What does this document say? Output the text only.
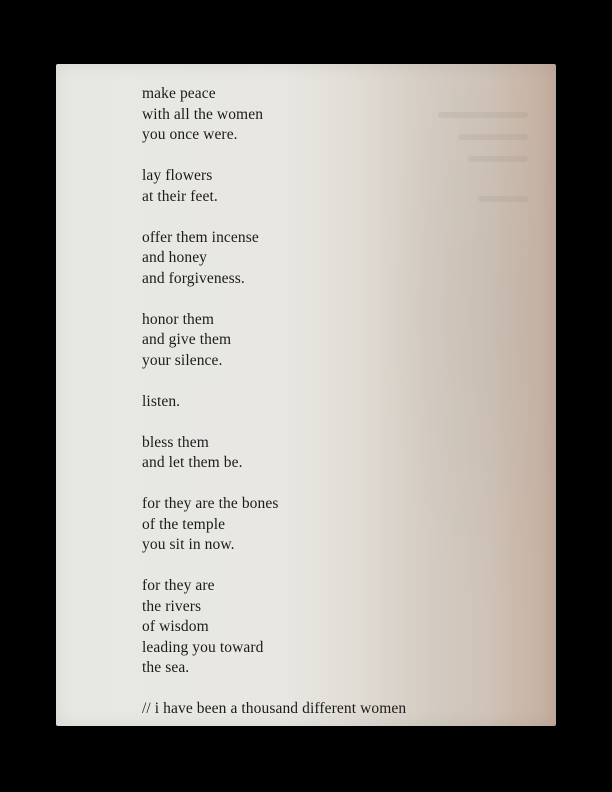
make peace
with all the women
you once were.
lay flowers
at their feet.
offer them incense
and honey
and forgiveness.
honor them
and give them
your silence.
listen.
bless them
and let them be.
for they are the bones
of the temple
you sit in now.
for they are
the rivers
of wisdom
leading you toward
the sea.
// i have been a thousand different women
